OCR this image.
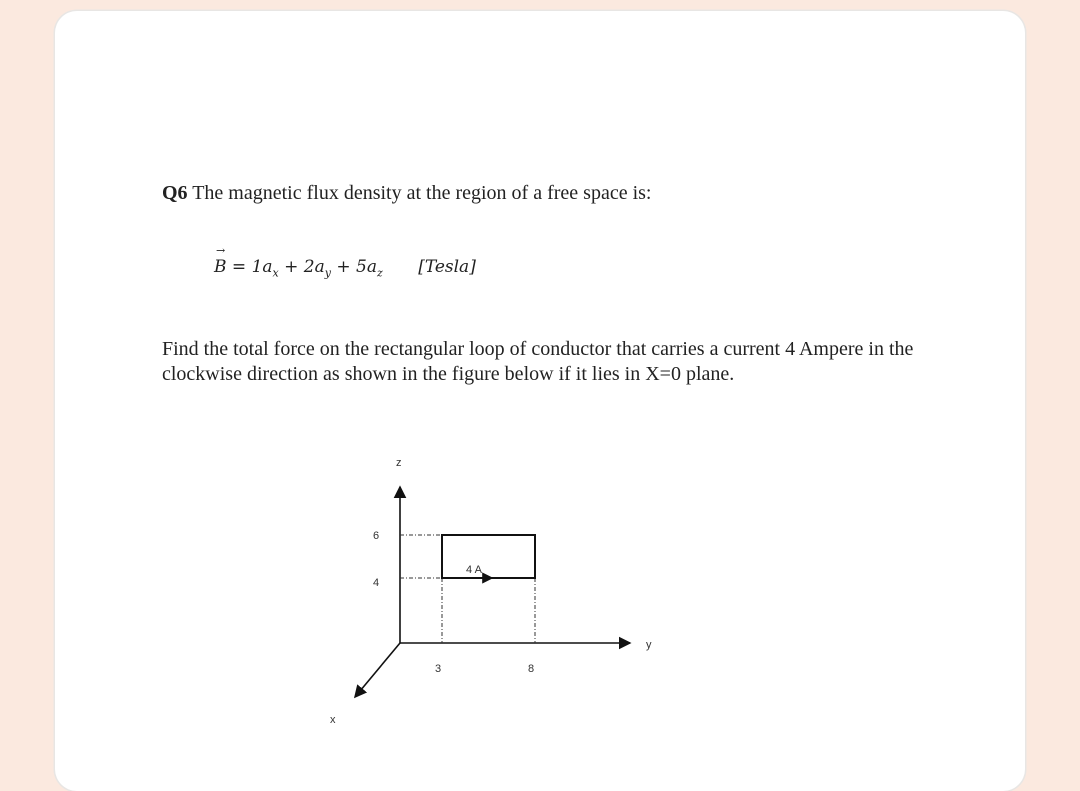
Q6 The magnetic flux density at the region of a free space is:
→ $B = 1a_x + 2a_y + 5a_z$ [Tesla]
Find the total force on the rectangular loop of conductor that carries a current 4 Ampere in the clockwise direction as shown in the figure below if it lies in X=0 plane.
z
y
x
6
4
3	8
4 A
